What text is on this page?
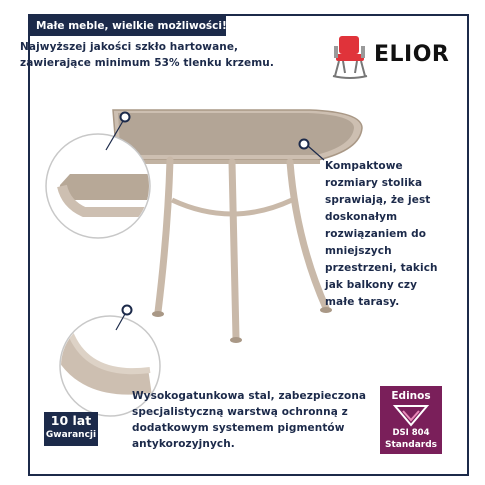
Małe meble, wielkie możliwości!
Najwyższej jakości szkło hartowane, zawierające minimum 53% tlenku krzemu.
Kompaktowe rozmiary stolika sprawiają, że jest doskonałym rozwiązaniem do mniejszych przestrzeni, takich jak balkony czy małe tarasy.
Wysokogatunkowa stal, zabezpieczona specjalistyczną warstwą ochronną z dodatkowym systemem pigmentów antykorozyjnych.
ELIOR
10 lat
Gwarancji
Edinos
DSI 804
Standards
